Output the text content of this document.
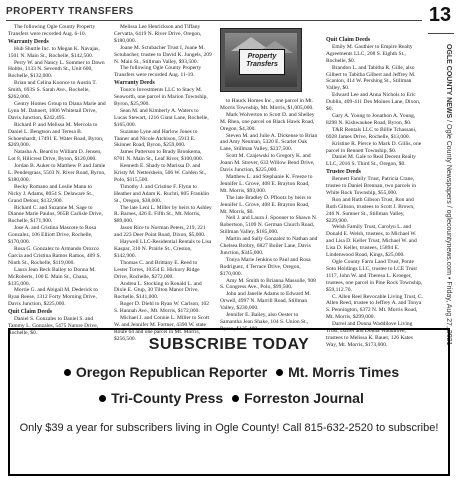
PROPERTY TRANSFERS	13
OGLE COUNTY NEWS / Ogle County Newspapers / oglecountynews.com • Friday, Aug 27, 2021

The following Ogle County Property Transfers were recorded Aug. 6-10.

Warranty Deeds

Hub Shuttle Inc. to Megan K. Navajas, 1501 N. Main St., Rochelle, $142,500.

Perry W. and Nancy L. Sommer to Dawn Hobbs, 1133 N. Seventh St., Unit 600, Rochelle, $132,000.

Brian and Celina Koonce to Austin T. Smith, 693S S. Sarah Ave., Rochelle, $262,000.

Gentry Homes Group to Diana Marie and Lynn M. Dahnert, 1006 Whitetail Drive, Davis Junction, $242,495.

Richard P. and Melissa M. Mercola to Daniel L. Bengtson and Teresa B. Schoenhardt, 17491 E. Water Road, Byron, $269,000.

Natasha A. Beard to William D. Jensen, Lot 8, Hillcrest Drive, Byron, $120,000.

Jordan B. Auker to Matthew P. and Jamie L. Pendergrass, 5503 N. River Road, Byron, $180,000.

Becky Romano and Leslie Mann to Nicky J. Adams, 8054 S. Delaware St., Grand Detour, $132,900.

Richard C. and Suzanne M. Sage to Dianne Marie Paulos, 965B Carlisle Drive, Rochelle, $171,900.

Jose A. and Cristina Mascote to Rosa Gonzalez, 106 Elliott Drive, Rochelle, $170,000.

Rosa G. Gonzalez to Armando Orozco Garcia and Cristina Ramos Ramos, 409 S. Ninth St., Rochelle, $119,000.

Laura Jean Beck Bailey to Donna M. McRoberts, 100 E. Main St., Chana, $135,000.

Morrie G. and Abigail M. Dederick to Ryan Reese, 1312 Forty Morning Drive, Davis Junction, $225,000.

Quit Claim Deeds

Daniel S. Gonzales to Daniel S. and Tammy L. Gonzales, 5475 Nature Drive, Rochelle, $0.

Melissa Lee Henrickson and Tiffany Cervatta, 6419 N. River Drive, Oregon, $180,000.

Joane M. Sctubacher Trust I, Joane M. Sctubacher, trustee to David K. Jungels, 209 N. Main St., Stillman Valley, $93,500.

The following Ogle County Property Transfers were recorded Aug. 11-19.

Warranty Deeds

Tourco Investments LLC to Stacy M. Seaworth, one parcel in Marion Township, Byron, $25,900.

Sean M. and Kimberly A. Waters to Lucas Stewart, 1216 Giant Lane, Rochelle, $165,000.

Suzanne Lyne and Harlow Jones to Tanner and Nicole Atchison, 5913 E. Skinner Road, Byron, $259,000.

James Patterson to Brady Bronkema, 8701 N. Main St., Leaf River, $100,000.

Kenneth E. Shady to Marissa D. and Kristy M. Nettershein, 506 W. Colden St., Polo, $115,500.

Timothy J. and Cristine F. Flynn to Heather and Adam K. Ruchti, 805 Franklin St., Oregon, $38,000.

The late Leni L. Miller by heirs to Ashley R. Barnes, 426 E. Fifth St., Mt. Morris, $89,000.

Jason Rice to Norman Peters, 219, 221 and 223 Deer Point Road, Dixon, $5,000.

Haywell LLC-Residential Rentals to Lisa Kaspar, 310 N. Prairie St., Creston, $142,900.

Thomas C. and Brittany E. Reed to Lester Torres, 10354 E. Hickory Ridge Drive, Rochelle, $272,000.

Andrea L. Stocking to Ronald L. and Dixie E. Gtup, 30 Tilton Manor Drive, Rochelle, $141,000.

Roger D. Diehl to Ryan W. Carlson, 102 S. Hannah Ave., Mt. Morris, $172,000.

Michael J. and Connie L. Miller to Scott W. and Jennifer M. Fortner, 4390 W. state Route 64 and one parcel in Mt. Morris, $256,500.

Property Transfers

to Hauck Homes Inc., one parcel in Mt. Morris Township, Mt. Morris, $1,005,000.

Mark Wolverton to Scott D. and Shelley M. Rhea, one parcel on Black Hawk Road, Oregon, $4,300.

Steven M. and Julie A. Dickense to Brian and Amy Neuman, 5320 E. Scarlet Oak Lane, Stillman Valley, $237,500.

Scott M. Czajewski to Gregory K. and Joann M. Strever, 633 Willow Bend Drive, Davis Junction, $225,000.

Matthew L. and Stephanie K. Freeze to Jennifer L. Grove, 408 E. Brayton Road, Mt. Morris, $93,000.

The late Bradley D. Pflootz by heirs to Jennifer L. Grove, 408 E. Brayton Road, Mt. Morris, $0.

Neil J. and Laura J. Spooner to Shawn N. Robertson, 5109 N. German Church Road, Stillman Valley, $185,000.

Martin and Sally Gonzalez to Nathan and Chelsea Brobry, 6827 Boiler Lane, Davis Junction, $345,000.

Tonya Marie Jenkins to Paul and Rosa Rodriguez, 4 Terrace Drive, Oregon, $170,000.

Amy M. Smith to Brianna Massolle, 908 S. Congress Ave., Polo, $99,500.

John and Janelle Adams to Edward M. Orwell, 4997 N. Marrill Road, Stillman Valley, $230,000.

Jennifer E. Bailey, also Oester to Samantha Jean Shake, 104 S. Union St., Byron, $125,400.

Quit Claim Deeds

Emily M. Gauthier to Empire Realty Agreements LLC, 208 S. Eighth St., Rochelle, $0.

Brandon L. and Tabitha R. Gille, also Gilbert to Tabitha Gilbert and Jeffrey M. Scanlon, 414 W. Pershing St., Stillman Valley, $0.

Edward Lee and Anna Nichols to Eric Dublin, 409-411 Des Moines Lane, Dixon, $0.

Gary A. Young to Jonathon A. Young, 8298 N. Kishwaukee Road, Byron, $0.

T&R Rentals LLC to Billie Tchassani, 6928 James Drive, Rochelle, $13,000.

Kristine R. Pierce to Mark D. Gillis, one parcel in Bennett Township, $0.

Daniel M. Gale to Real Decent Realty LLC, 2016 S. Third St., Oregon, $0.

Trustee Deeds

Bennett Family Trust, Patricia Crane, trustee to Daniel Brennan, two parcels in White Rock Township, $55,000.

Ron and Ruth Gibson Trust, Ron and Ruth Gibson, trustees to Scott J. Brown, 246 N. Sumner St., Stillman Valley, $229,900.

Welsh Family Trust, Carolyn L. and Donald E. Welsh, trustees, to Michael W. and Lisa D. Keller Trust, Michael W. and Lisa D. Keller, trustees, 15894 E. Lindenwood Road, Kings, $25,000.

Ogle County Farm Land Trust, Ponte Soto Holdings LLC, trustee to LCE Trust 1117, John W. and Theresa L. Kroeger, trustees, one parcel in Pine Rock Township, $59,112.70.

C. Allen Reel Revocable Living Trust, C. Allen Reed, trustee to Jeffrey A. and Tonya S. Pennington, 6372 N. Mt. Morris Road, Mt. Morris, $299,000.

Darrel and Donna Waddilove Living Trust, Darrel and Donna Waddilove, trustees to Melissa K. Bauer, 126 Kates Way, Mt. Morris, $173,000.

SUBSCRIBE TODAY
Oregon Republican Reporter Mt. Morris Times
Tri-County Press Forreston Journal
Only $39 a year for subscribers living in Ogle County! Call 815-632-2520 to subscribe!
